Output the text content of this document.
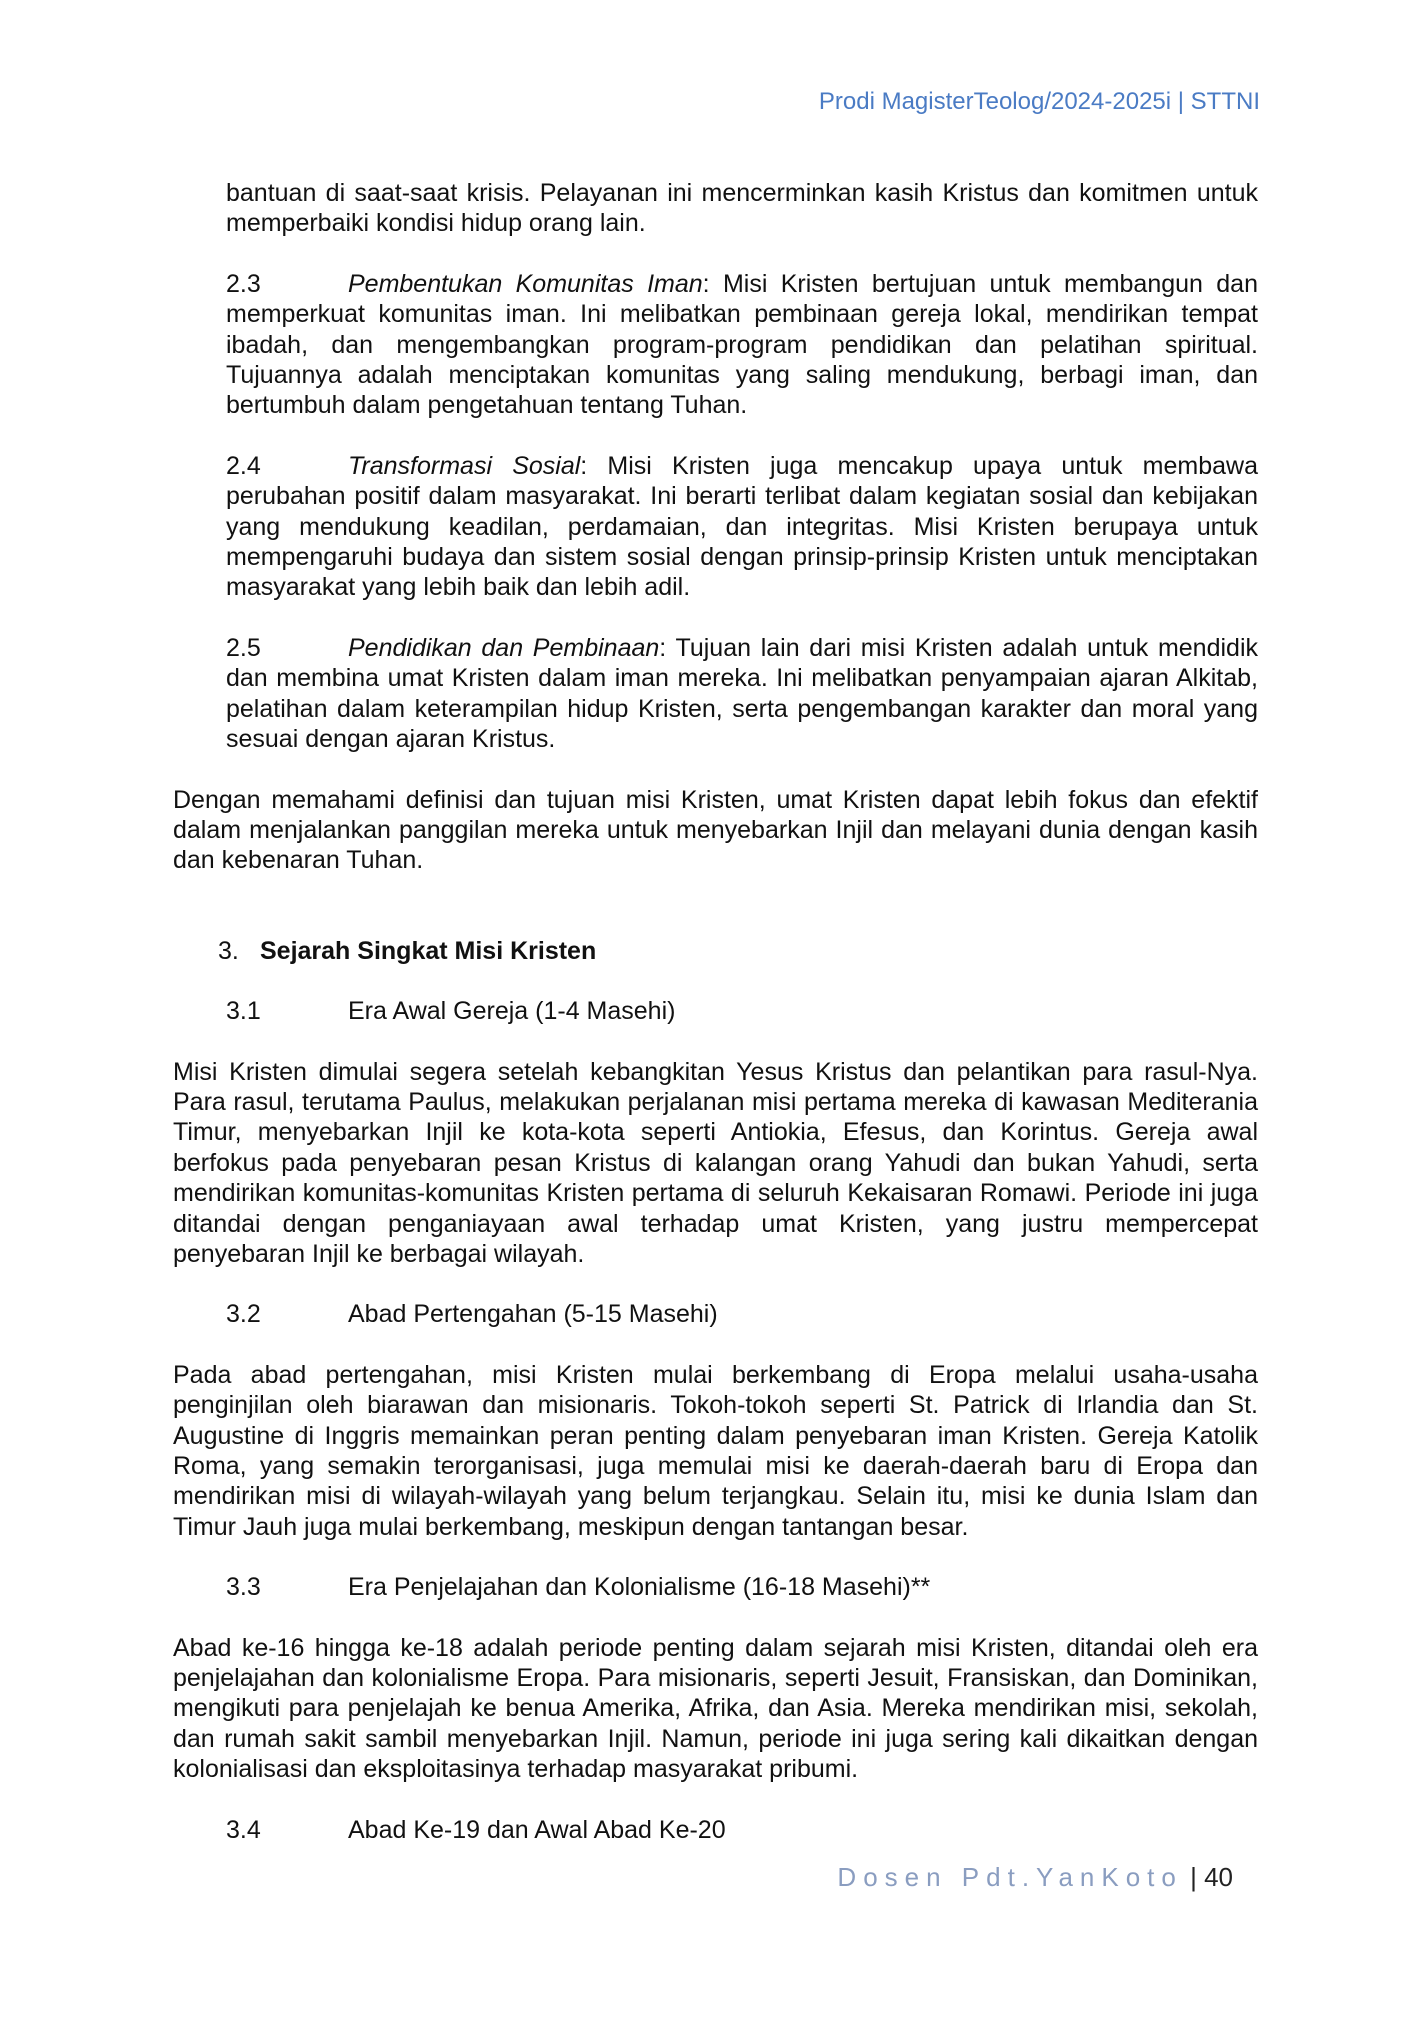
Prodi MagisterTeolog/2024-2025i | STTNI

bantuan di saat-saat krisis. Pelayanan ini mencerminkan kasih Kristus dan komitmen untuk memperbaiki kondisi hidup orang lain.

2.3	Pembentukan Komunitas Iman: Misi Kristen bertujuan untuk membangun dan memperkuat komunitas iman. Ini melibatkan pembinaan gereja lokal, mendirikan tempat ibadah, dan mengembangkan program-program pendidikan dan pelatihan spiritual. Tujuannya adalah menciptakan komunitas yang saling mendukung, berbagi iman, dan bertumbuh dalam pengetahuan tentang Tuhan.

2.4	Transformasi Sosial: Misi Kristen juga mencakup upaya untuk membawa perubahan positif dalam masyarakat. Ini berarti terlibat dalam kegiatan sosial dan kebijakan yang mendukung keadilan, perdamaian, dan integritas. Misi Kristen berupaya untuk mempengaruhi budaya dan sistem sosial dengan prinsip-prinsip Kristen untuk menciptakan masyarakat yang lebih baik dan lebih adil.

2.5	Pendidikan dan Pembinaan: Tujuan lain dari misi Kristen adalah untuk mendidik dan membina umat Kristen dalam iman mereka. Ini melibatkan penyampaian ajaran Alkitab, pelatihan dalam keterampilan hidup Kristen, serta pengembangan karakter dan moral yang sesuai dengan ajaran Kristus.

Dengan memahami definisi dan tujuan misi Kristen, umat Kristen dapat lebih fokus dan efektif dalam menjalankan panggilan mereka untuk menyebarkan Injil dan melayani dunia dengan kasih dan kebenaran Tuhan.

3. Sejarah Singkat Misi Kristen

3.1	Era Awal Gereja (1-4 Masehi)

Misi Kristen dimulai segera setelah kebangkitan Yesus Kristus dan pelantikan para rasul-Nya. Para rasul, terutama Paulus, melakukan perjalanan misi pertama mereka di kawasan Mediterania Timur, menyebarkan Injil ke kota-kota seperti Antiokia, Efesus, dan Korintus. Gereja awal berfokus pada penyebaran pesan Kristus di kalangan orang Yahudi dan bukan Yahudi, serta mendirikan komunitas-komunitas Kristen pertama di seluruh Kekaisaran Romawi. Periode ini juga ditandai dengan penganiayaan awal terhadap umat Kristen, yang justru mempercepat penyebaran Injil ke berbagai wilayah.

3.2	Abad Pertengahan (5-15 Masehi)

Pada abad pertengahan, misi Kristen mulai berkembang di Eropa melalui usaha-usaha penginjilan oleh biarawan dan misionaris. Tokoh-tokoh seperti St. Patrick di Irlandia dan St. Augustine di Inggris memainkan peran penting dalam penyebaran iman Kristen. Gereja Katolik Roma, yang semakin terorganisasi, juga memulai misi ke daerah-daerah baru di Eropa dan mendirikan misi di wilayah-wilayah yang belum terjangkau. Selain itu, misi ke dunia Islam dan Timur Jauh juga mulai berkembang, meskipun dengan tantangan besar.

3.3	Era Penjelajahan dan Kolonialisme (16-18 Masehi)**

Abad ke-16 hingga ke-18 adalah periode penting dalam sejarah misi Kristen, ditandai oleh era penjelajahan dan kolonialisme Eropa. Para misionaris, seperti Jesuit, Fransiskan, dan Dominikan, mengikuti para penjelajah ke benua Amerika, Afrika, dan Asia. Mereka mendirikan misi, sekolah, dan rumah sakit sambil menyebarkan Injil. Namun, periode ini juga sering kali dikaitkan dengan kolonialisasi dan eksploitasinya terhadap masyarakat pribumi.

3.4	Abad Ke-19 dan Awal Abad Ke-20

Dosen Pdt.YanKoto | 40
